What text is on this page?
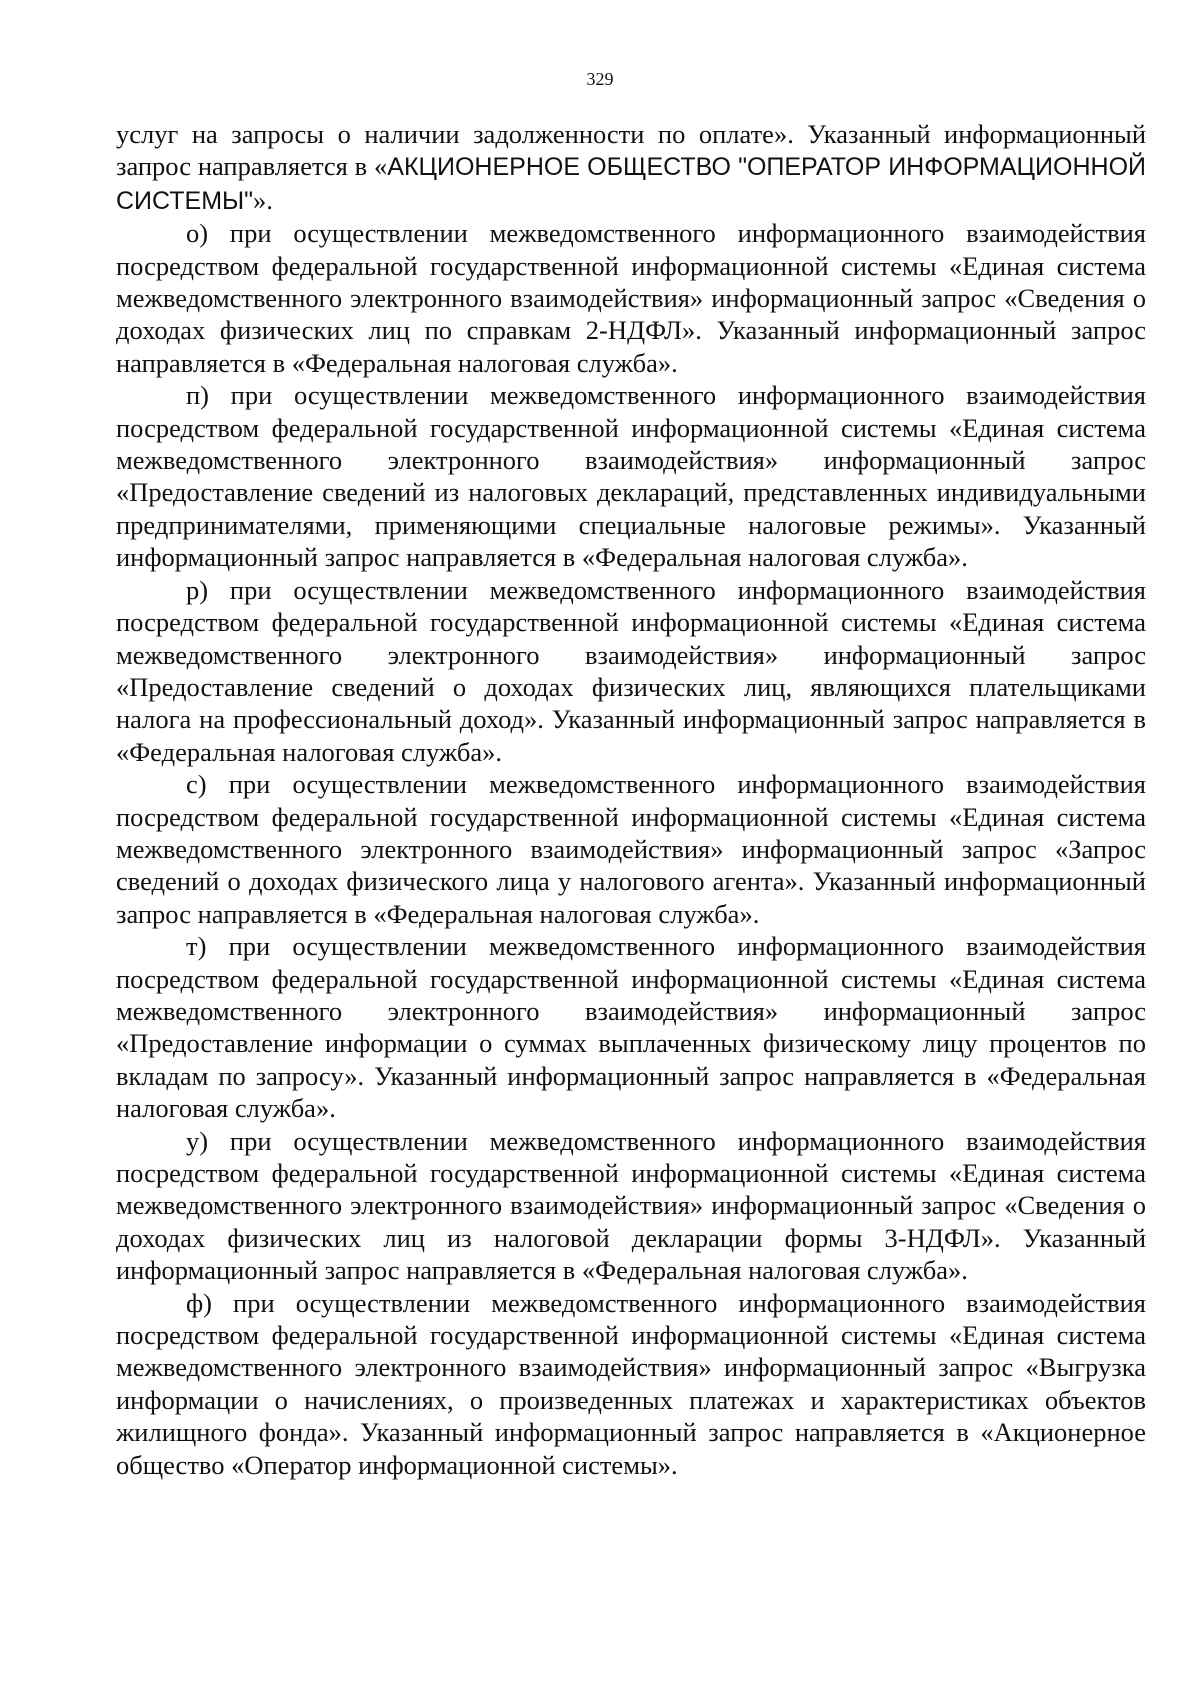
329

услуг на запросы о наличии задолженности по оплате». Указанный информационный запрос направляется в «АКЦИОНЕРНОЕ ОБЩЕСТВО "ОПЕРАТОР ИНФОРМАЦИОННОЙ СИСТЕМЫ"».

о) при осуществлении межведомственного информационного взаимодействия посредством федеральной государственной информационной системы «Единая система межведомственного электронного взаимодействия» информационный запрос «Сведения о доходах физических лиц по справкам 2-НДФЛ». Указанный информационный запрос направляется в «Федеральная налоговая служба».

п) при осуществлении межведомственного информационного взаимодействия посредством федеральной государственной информационной системы «Единая система межведомственного электронного взаимодействия» информационный запрос «Предоставление сведений из налоговых деклараций, представленных индивидуальными предпринимателями, применяющими специальные налоговые режимы». Указанный информационный запрос направляется в «Федеральная налоговая служба».

р) при осуществлении межведомственного информационного взаимодействия посредством федеральной государственной информационной системы «Единая система межведомственного электронного взаимодействия» информационный запрос «Предоставление сведений о доходах физических лиц, являющихся плательщиками налога на профессиональный доход». Указанный информационный запрос направляется в «Федеральная налоговая служба».

с) при осуществлении межведомственного информационного взаимодействия посредством федеральной государственной информационной системы «Единая система межведомственного электронного взаимодействия» информационный запрос «Запрос сведений о доходах физического лица у налогового агента». Указанный информационный запрос направляется в «Федеральная налоговая служба».

т) при осуществлении межведомственного информационного взаимодействия посредством федеральной государственной информационной системы «Единая система межведомственного электронного взаимодействия» информационный запрос «Предоставление информации о суммах выплаченных физическому лицу процентов по вкладам по запросу». Указанный информационный запрос направляется в «Федеральная налоговая служба».

у) при осуществлении межведомственного информационного взаимодействия посредством федеральной государственной информационной системы «Единая система межведомственного электронного взаимодействия» информационный запрос «Сведения о доходах физических лиц из налоговой декларации формы 3-НДФЛ». Указанный информационный запрос направляется в «Федеральная налоговая служба».

ф) при осуществлении межведомственного информационного взаимодействия посредством федеральной государственной информационной системы «Единая система межведомственного электронного взаимодействия» информационный запрос «Выгрузка информации о начислениях, о произведенных платежах и характеристиках объектов жилищного фонда». Указанный информационный запрос направляется в «Акционерное общество «Оператор информационной системы».
